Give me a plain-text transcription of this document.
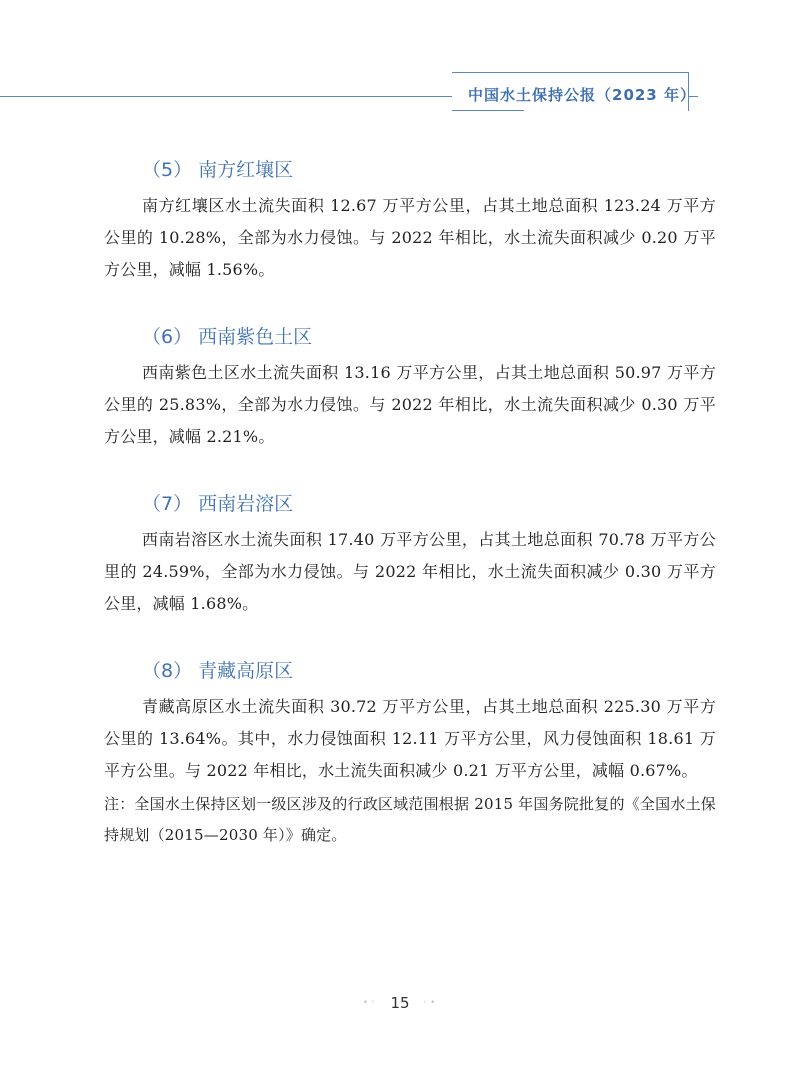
中国水土保持公报（2023 年）
（5） 南方红壤区

南方红壤区水土流失面积 12.67 万平方公里，占其土地总面积 123.24 万平方公里的 10.28%，全部为水力侵蚀。与 2022 年相比，水土流失面积减少 0.20 万平方公里，减幅 1.56%。

（6） 西南紫色土区

西南紫色土区水土流失面积 13.16 万平方公里，占其土地总面积 50.97 万平方公里的 25.83%，全部为水力侵蚀。与 2022 年相比，水土流失面积减少 0.30 万平方公里，减幅 2.21%。

（7） 西南岩溶区

西南岩溶区水土流失面积 17.40 万平方公里，占其土地总面积 70.78 万平方公里的 24.59%，全部为水力侵蚀。与 2022 年相比，水土流失面积减少 0.30 万平方公里，减幅 1.68%。

（8） 青藏高原区

青藏高原区水土流失面积 30.72 万平方公里，占其土地总面积 225.30 万平方公里的 13.64%。其中，水力侵蚀面积 12.11 万平方公里，风力侵蚀面积 18.61 万平方公里。与 2022 年相比，水土流失面积减少 0.21 万平方公里，减幅 0.67%。

注：全国水土保持区划一级区涉及的行政区域范围根据 2015 年国务院批复的《全国水土保持规划（2015—2030 年）》确定。

•◦ 15 ◦•
